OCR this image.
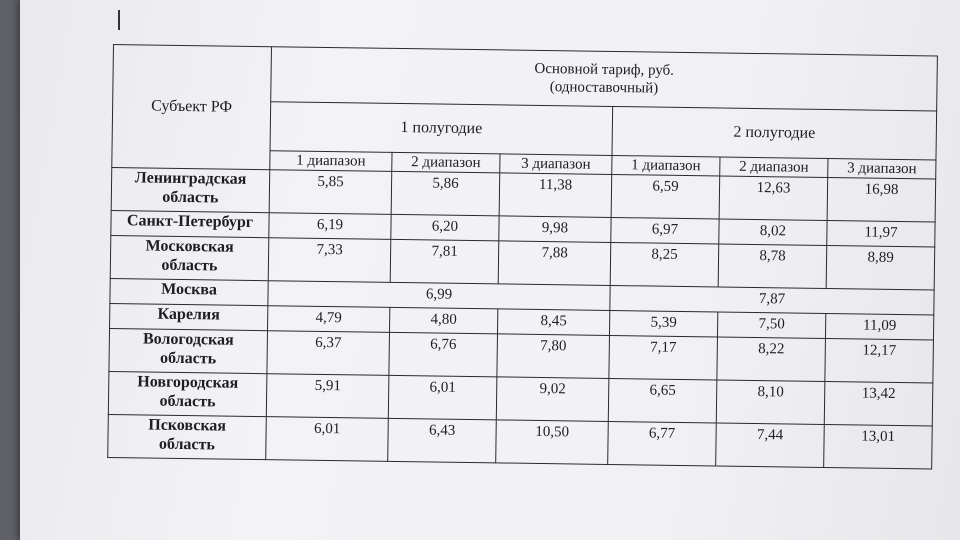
Субъект РФ	Основной тариф, руб.
(одноставочный)					

	1 полугодие			2 полугодие		
	1 диапазон	2 диапазон	3 диапазон	1 диапазон	2 диапазон	3 диапазон

Ленинградская
область	5,85	5,86	11,38	6,59	12,63	16,98

Санкт-Петербург	6,19	6,20	9,98	6,97	8,02	11,97

Московская
область	7,33	7,81	7,88	8,25	8,78	8,89

Москва	6,99			7,87		

Карелия	4,79	4,80	8,45	5,39	7,50	11,09

Вологодская
область	6,37	6,76	7,80	7,17	8,22	12,17

Новгородская
область	5,91	6,01	9,02	6,65	8,10	13,42

Псковская
область	6,01	6,43	10,50	6,77	7,44	13,01
